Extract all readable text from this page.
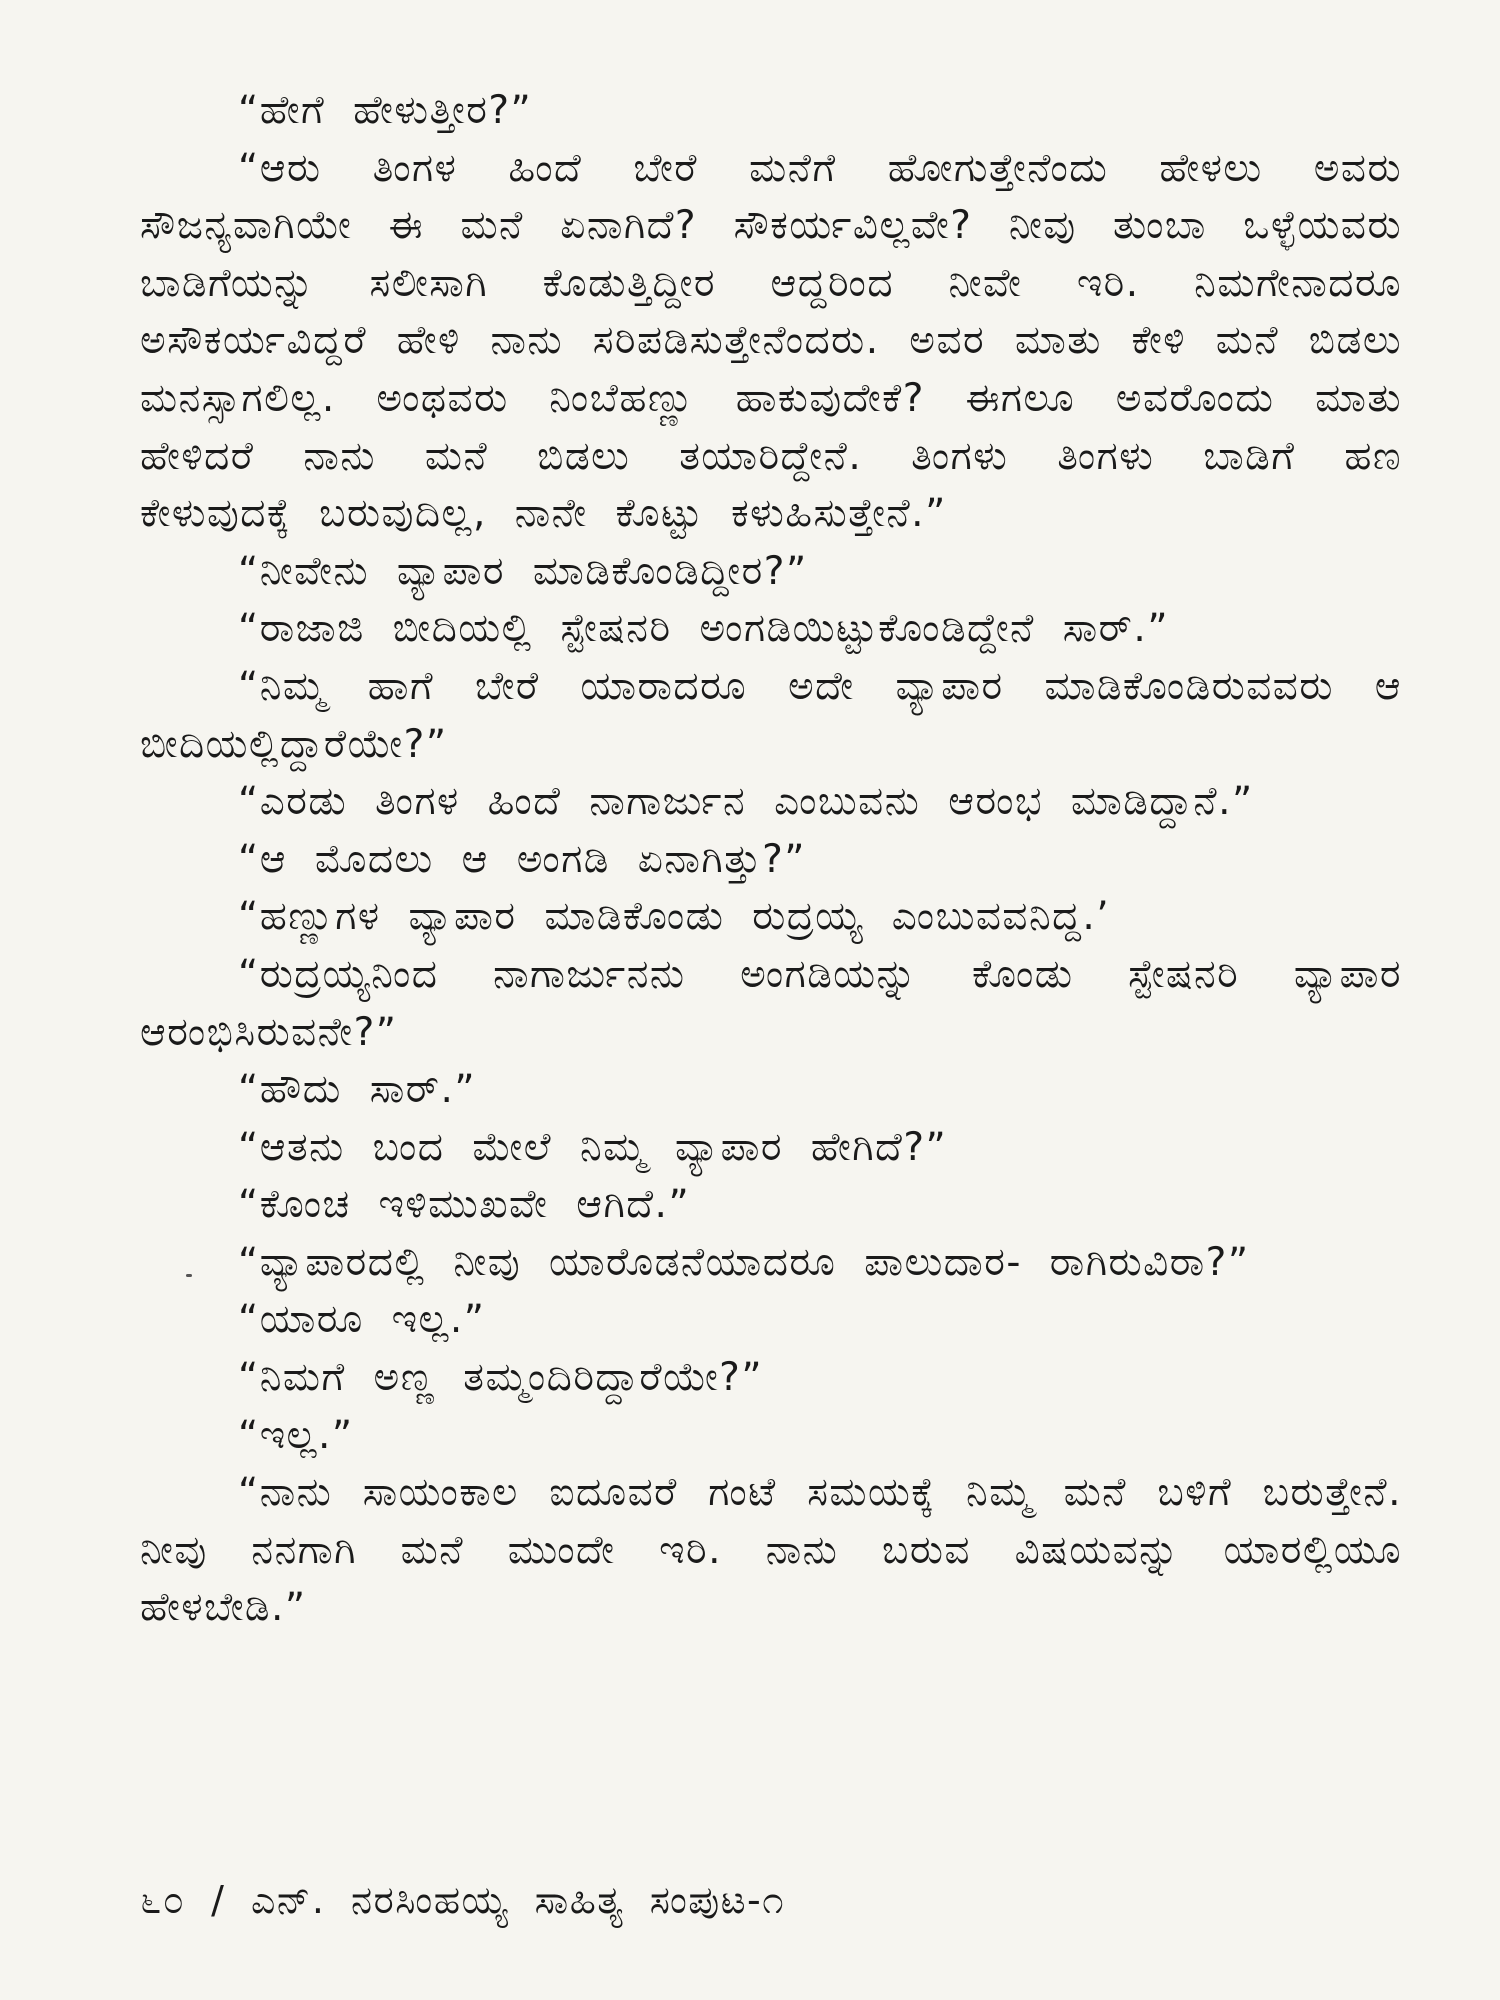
“ಹೇಗೆ ಹೇಳುತ್ತೀರ?”

“ಆರು ತಿಂಗಳ ಹಿಂದೆ ಬೇರೆ ಮನೆಗೆ ಹೋಗುತ್ತೇನೆಂದು ಹೇಳಲು ಅವರು ಸೌಜನ್ಯವಾಗಿಯೇ ಈ ಮನೆ ಏನಾಗಿದೆ? ಸೌಕರ್ಯವಿಲ್ಲವೇ? ನೀವು ತುಂಬಾ ಒಳ್ಳೆಯವರು ಬಾಡಿಗೆಯನ್ನು ಸಲೀಸಾಗಿ ಕೊಡುತ್ತಿದ್ದೀರ ಆದ್ದರಿಂದ ನೀವೇ ಇರಿ. ನಿಮಗೇನಾದರೂ ಅಸೌಕರ್ಯವಿದ್ದರೆ ಹೇಳಿ ನಾನು ಸರಿಪಡಿಸುತ್ತೇನೆಂದರು. ಅವರ ಮಾತು ಕೇಳಿ ಮನೆ ಬಿಡಲು ಮನಸ್ಸಾಗಲಿಲ್ಲ. ಅಂಥವರು ನಿಂಬೆಹಣ್ಣು ಹಾಕುವುದೇಕೆ? ಈಗಲೂ ಅವರೊಂದು ಮಾತು ಹೇಳಿದರೆ ನಾನು ಮನೆ ಬಿಡಲು ತಯಾರಿದ್ದೇನೆ. ತಿಂಗಳು ತಿಂಗಳು ಬಾಡಿಗೆ ಹಣ ಕೇಳುವುದಕ್ಕೆ ಬರುವುದಿಲ್ಲ, ನಾನೇ ಕೊಟ್ಟು ಕಳುಹಿಸುತ್ತೇನೆ.”

“ನೀವೇನು ವ್ಯಾಪಾರ ಮಾಡಿಕೊಂಡಿದ್ದೀರ?”

“ರಾಜಾಜಿ ಬೀದಿಯಲ್ಲಿ ಸ್ಟೇಷನರಿ ಅಂಗಡಿಯಿಟ್ಟುಕೊಂಡಿದ್ದೇನೆ ಸಾರ್.”

“ನಿಮ್ಮ ಹಾಗೆ ಬೇರೆ ಯಾರಾದರೂ ಅದೇ ವ್ಯಾಪಾರ ಮಾಡಿಕೊಂಡಿರುವವರು ಆ ಬೀದಿಯಲ್ಲಿದ್ದಾರೆಯೇ?”

“ಎರಡು ತಿಂಗಳ ಹಿಂದೆ ನಾಗಾರ್ಜುನ ಎಂಬುವನು ಆರಂಭ ಮಾಡಿದ್ದಾನೆ.”

“ಆ ಮೊದಲು ಆ ಅಂಗಡಿ ಏನಾಗಿತ್ತು?”

“ಹಣ್ಣುಗಳ ವ್ಯಾಪಾರ ಮಾಡಿಕೊಂಡು ರುದ್ರಯ್ಯ ಎಂಬುವವನಿದ್ದ.’

“ರುದ್ರಯ್ಯನಿಂದ ನಾಗಾರ್ಜುನನು ಅಂಗಡಿಯನ್ನು ಕೊಂಡು ಸ್ಟೇಷನರಿ ವ್ಯಾಪಾರ ಆರಂಭಿಸಿರುವನೇ?”

“ಹೌದು ಸಾರ್.”

“ಆತನು ಬಂದ ಮೇಲೆ ನಿಮ್ಮ ವ್ಯಾಪಾರ ಹೇಗಿದೆ?”

“ಕೊಂಚ ಇಳಿಮುಖವೇ ಆಗಿದೆ.”

“ವ್ಯಾಪಾರದಲ್ಲಿ ನೀವು ಯಾರೊಡನೆಯಾದರೂ ಪಾಲುದಾರ- ರಾಗಿರುವಿರಾ?”

“ಯಾರೂ ಇಲ್ಲ.”

“ನಿಮಗೆ ಅಣ್ಣ ತಮ್ಮಂದಿರಿದ್ದಾರೆಯೇ?”

“ಇಲ್ಲ.”

“ನಾನು ಸಾಯಂಕಾಲ ಐದೂವರೆ ಗಂಟೆ ಸಮಯಕ್ಕೆ ನಿಮ್ಮ ಮನೆ ಬಳಿಗೆ ಬರುತ್ತೇನೆ. ನೀವು ನನಗಾಗಿ ಮನೆ ಮುಂದೇ ಇರಿ. ನಾನು ಬರುವ ವಿಷಯವನ್ನು ಯಾರಲ್ಲಿಯೂ ಹೇಳಬೇಡಿ.”

೬೦ / ಎನ್. ನರಸಿಂಹಯ್ಯ ಸಾಹಿತ್ಯ ಸಂಪುಟ-೧
